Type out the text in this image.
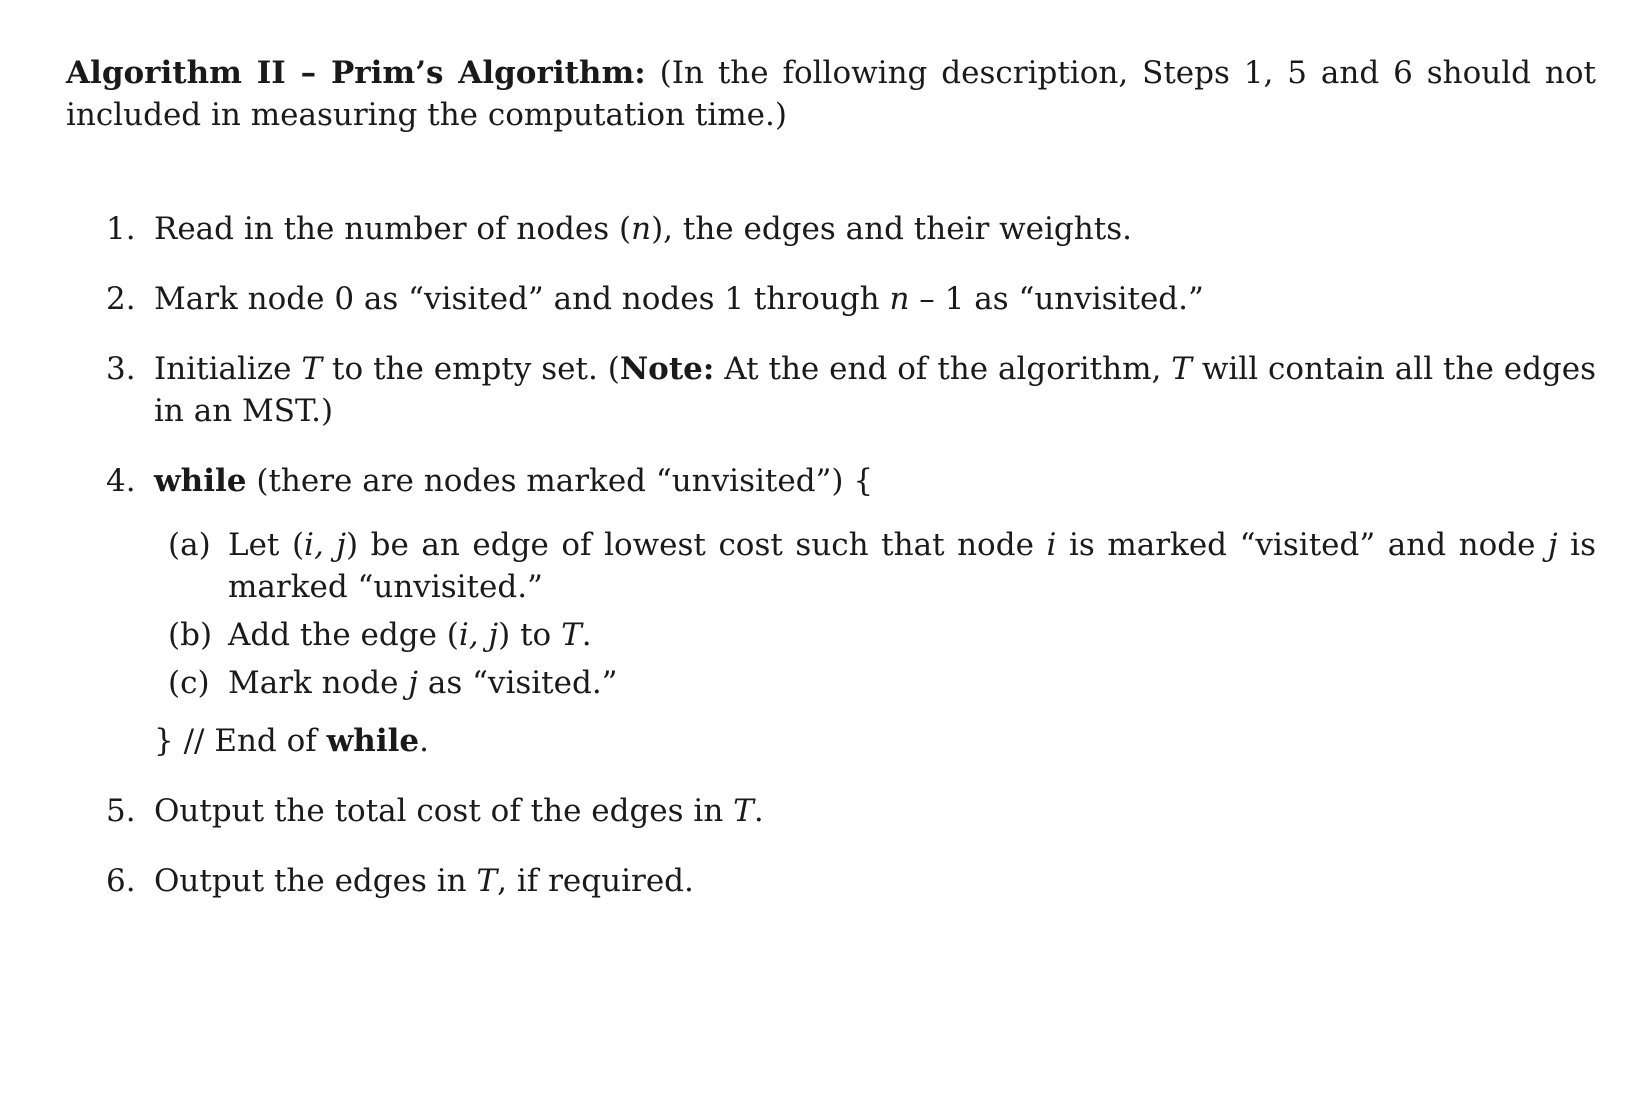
Algorithm II – Prim’s Algorithm: (In the following description, Steps 1, 5 and 6 should not included in measuring the computation time.)

1. Read in the number of nodes (n), the edges and their weights.
2. Mark node 0 as “visited” and nodes 1 through n – 1 as “unvisited.”
3. Initialize T to the empty set. (Note: At the end of the algorithm, T will contain all the edges in an MST.)
4. while (there are nodes marked “unvisited”) {
(a) Let (i, j) be an edge of lowest cost such that node i is marked “visited” and node j is marked “unvisited.”
(b) Add the edge (i, j) to T.
(c) Mark node j as “visited.”
} // End of while.
5. Output the total cost of the edges in T.
6. Output the edges in T, if required.
